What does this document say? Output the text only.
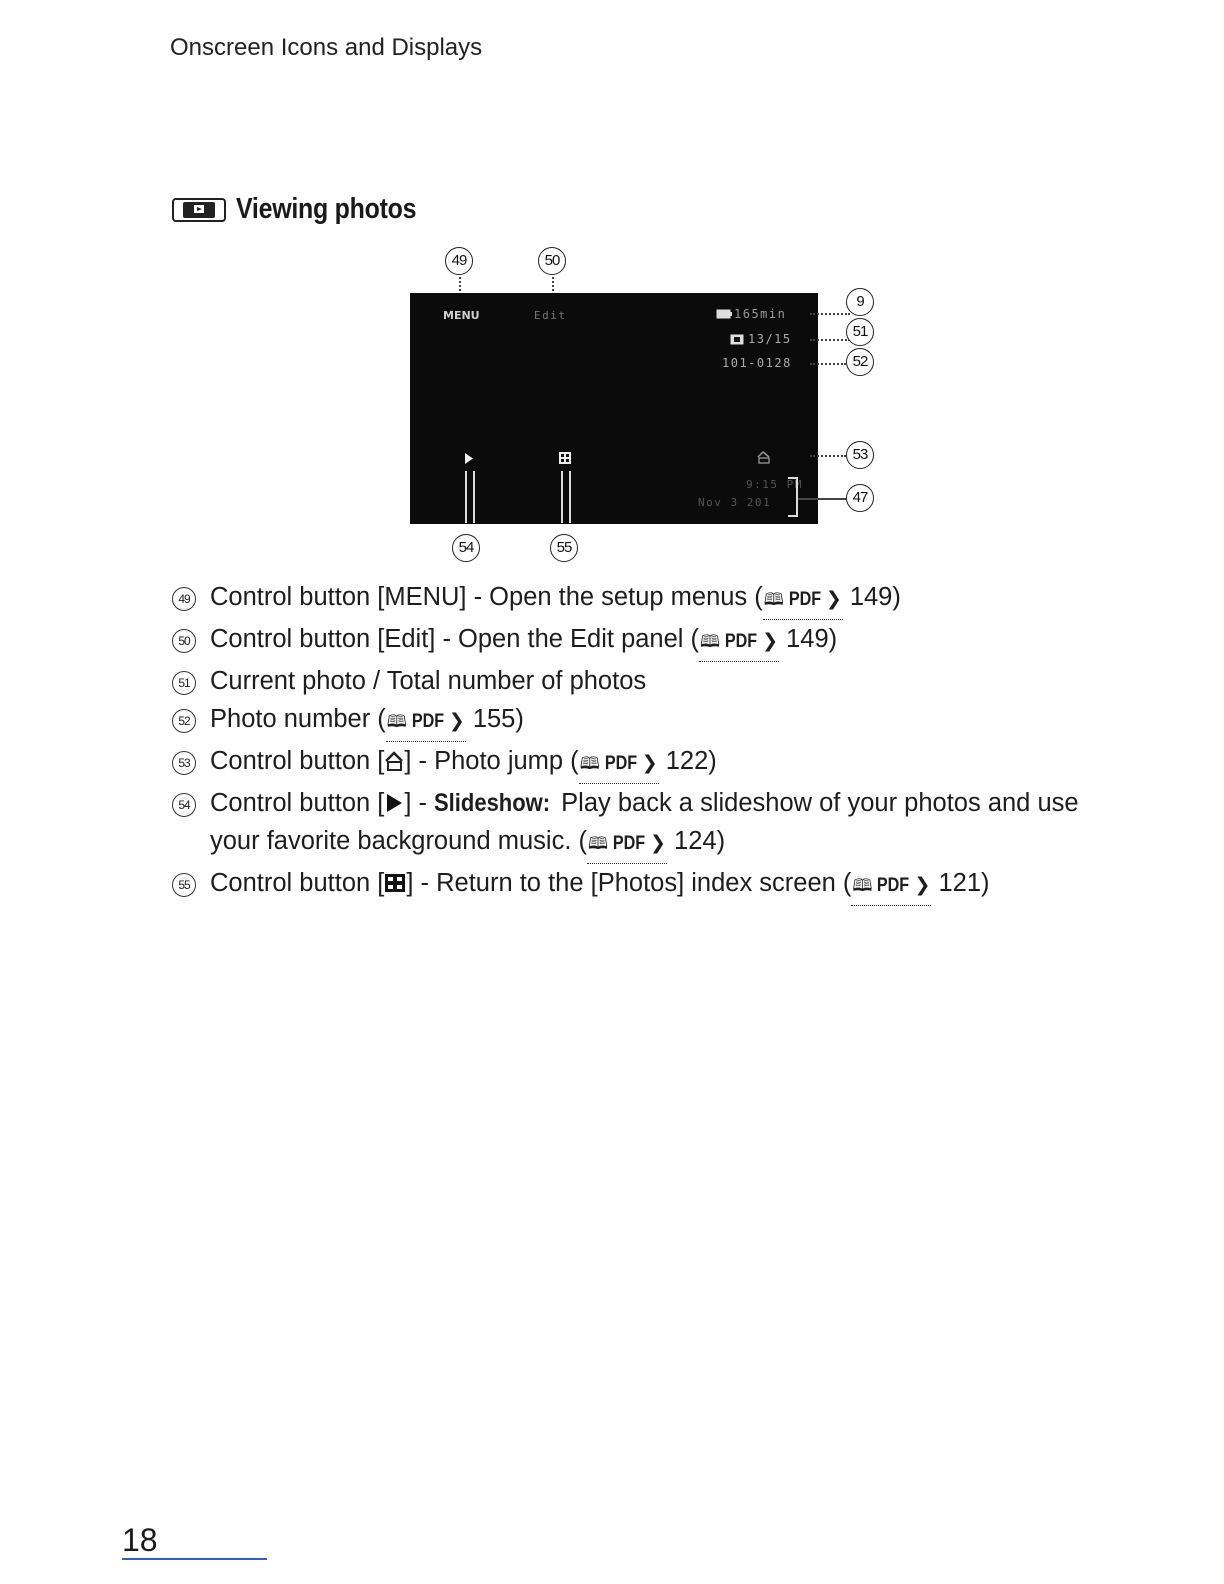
Onscreen Icons and Displays
Viewing photos
49	50
MENU	Edit	165min
13/15
101-0128
9:15 PM
Nov 3 201
9
51
52
53
47
54	55
49 Control button [MENU] - Open the setup menus ( 🕮 PDF ❯ 149)
50 Control button [Edit] - Open the Edit panel ( 🕮 PDF ❯ 149)
51 Current photo / Total number of photos
52 Photo number ( 🕮 PDF ❯ 155)
53 Control button [ ] - Photo jump ( 🕮 PDF ❯ 122)
54 Control button [ ] - Slideshow: Play back a slideshow of your photos and use your favorite background music. ( 🕮 PDF ❯ 124)
55 Control button [ ] - Return to the [Photos] index screen ( 🕮 PDF ❯ 121)
18
